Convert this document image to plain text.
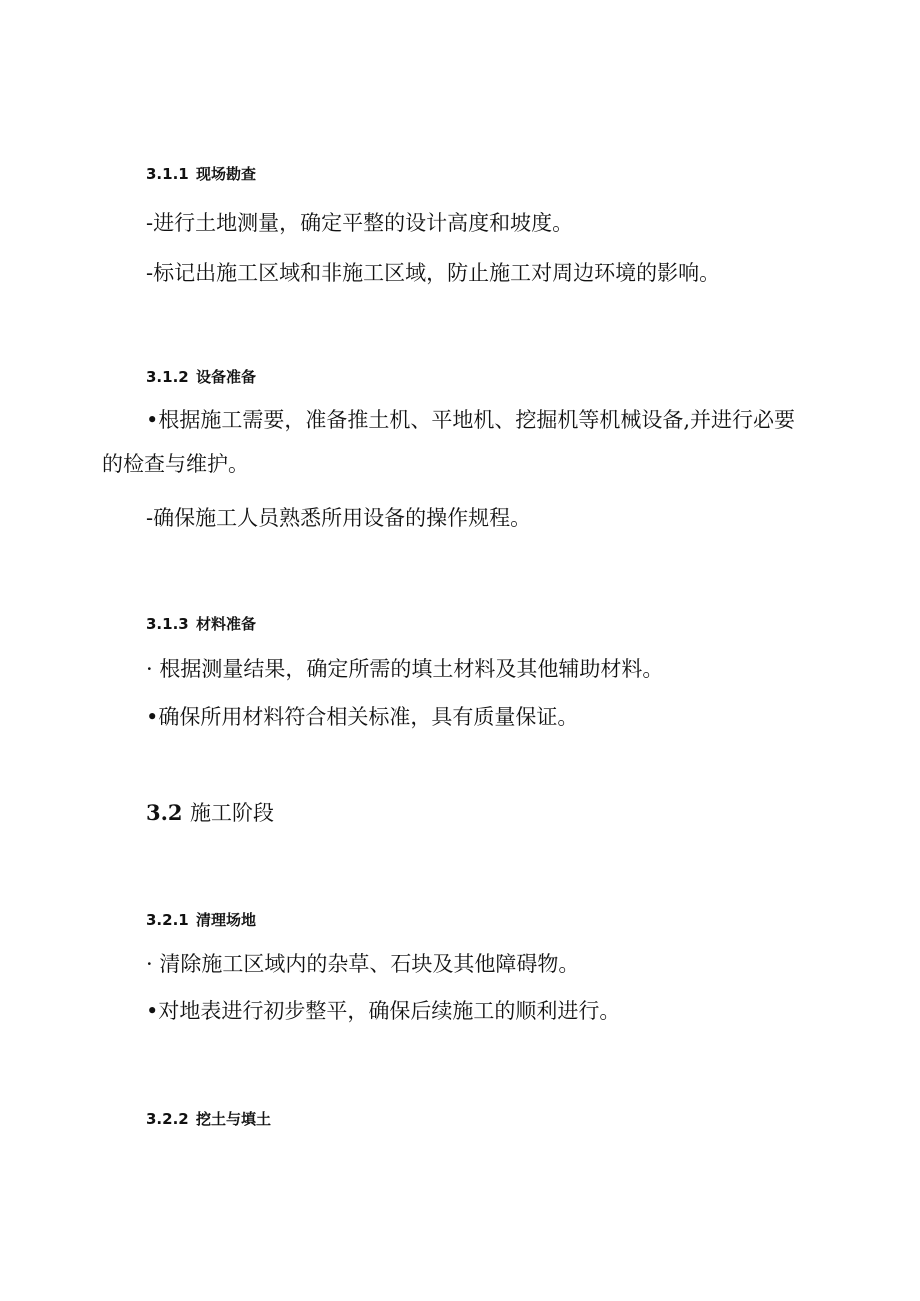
3.1.1 现场勘查
-进行土地测量，确定平整的设计高度和坡度。
-标记出施工区域和非施工区域，防止施工对周边环境的影响。
3.1.2 设备准备
•根据施工需要，准备推土机、平地机、挖掘机等机械设备,并进行必要的检查与维护。
-确保施工人员熟悉所用设备的操作规程。
3.1.3 材料准备
· 根据测量结果，确定所需的填土材料及其他辅助材料。
•确保所用材料符合相关标准，具有质量保证。
3.2 施工阶段
3.2.1 清理场地
· 清除施工区域内的杂草、石块及其他障碍物。
•对地表进行初步整平，确保后续施工的顺利进行。
3.2.2 挖土与填土
